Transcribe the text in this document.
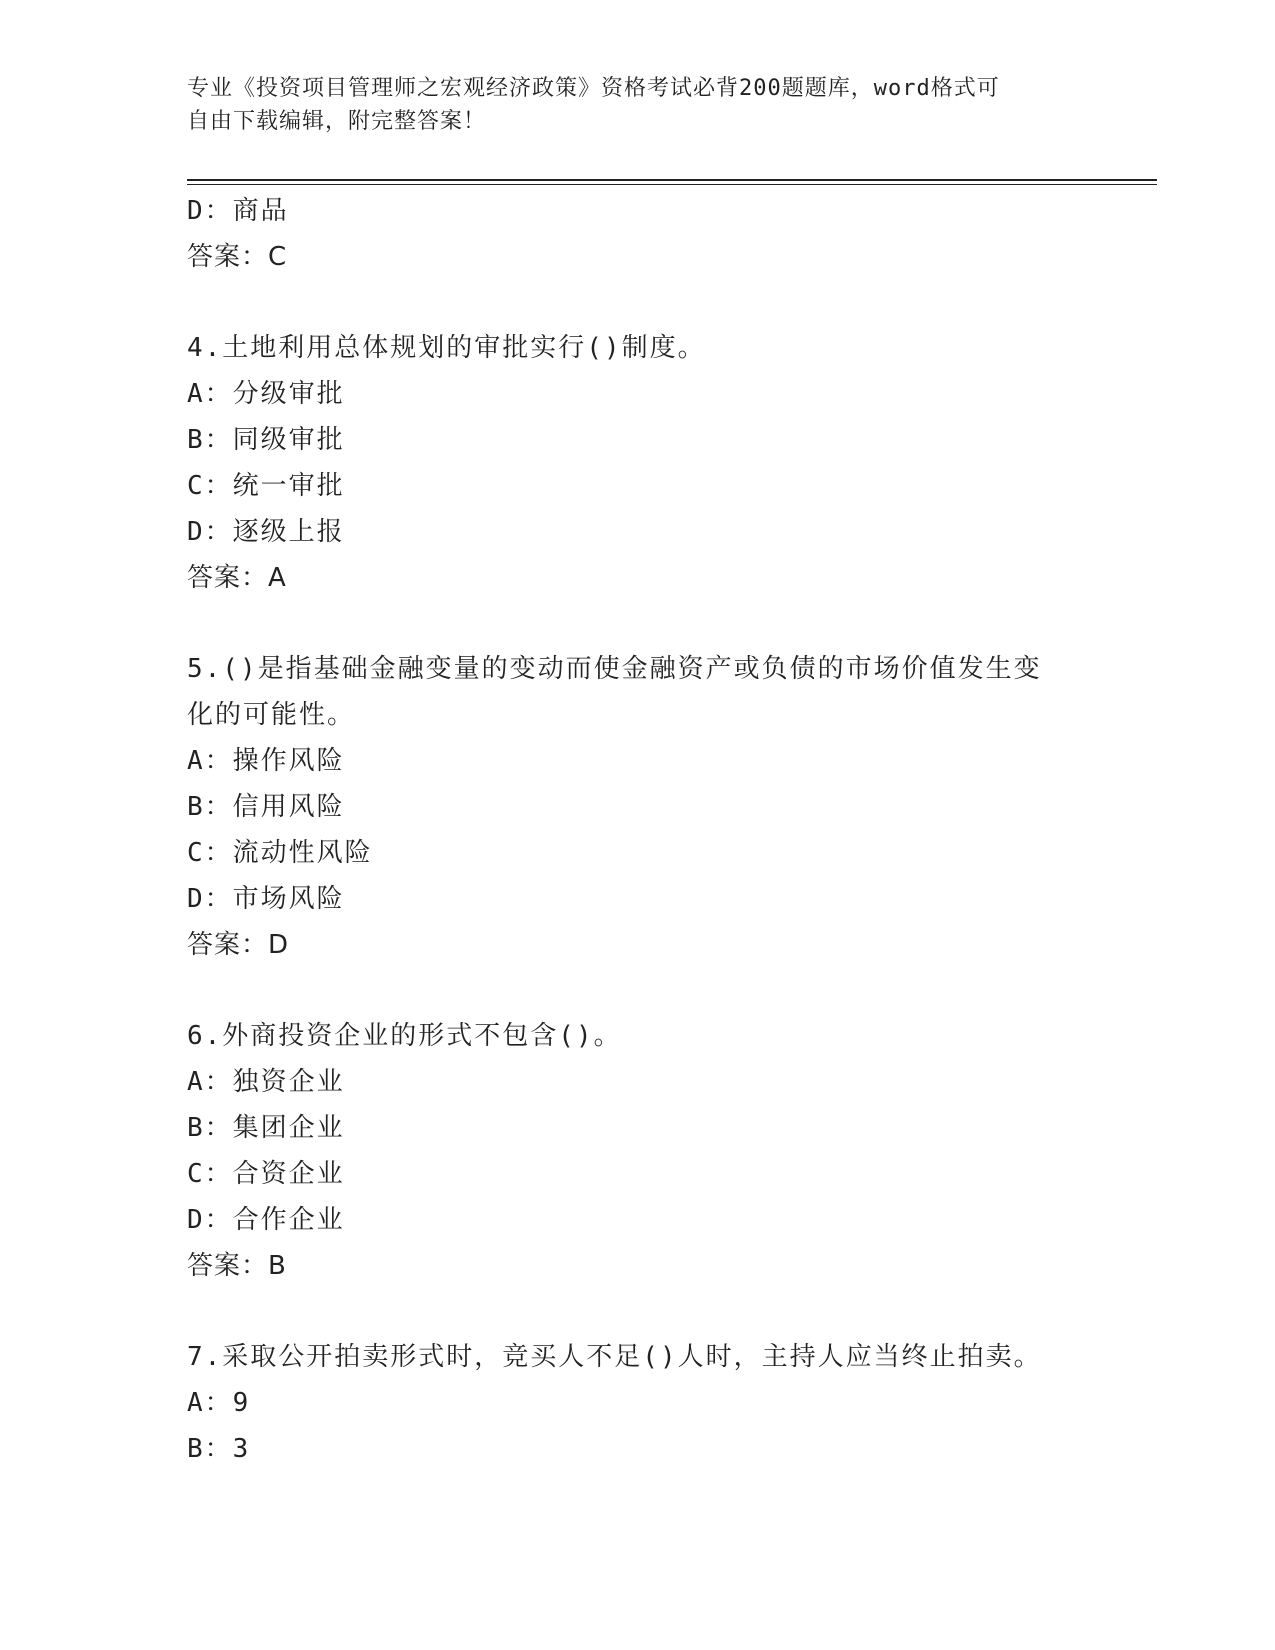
专业《投资项目管理师之宏观经济政策》资格考试必背200题题库，word格式可
自由下载编辑，附完整答案！
D：商品
答案：C
4.土地利用总体规划的审批实行()制度。
A：分级审批
B：同级审批
C：统一审批
D：逐级上报
答案：A
5.()是指基础金融变量的变动而使金融资产或负债的市场价值发生变
化的可能性。
A：操作风险
B：信用风险
C：流动性风险
D：市场风险
答案：D
6.外商投资企业的形式不包含()。
A：独资企业
B：集团企业
C：合资企业
D：合作企业
答案：B
7.采取公开拍卖形式时，竞买人不足()人时，主持人应当终止拍卖。
A：9
B：3
